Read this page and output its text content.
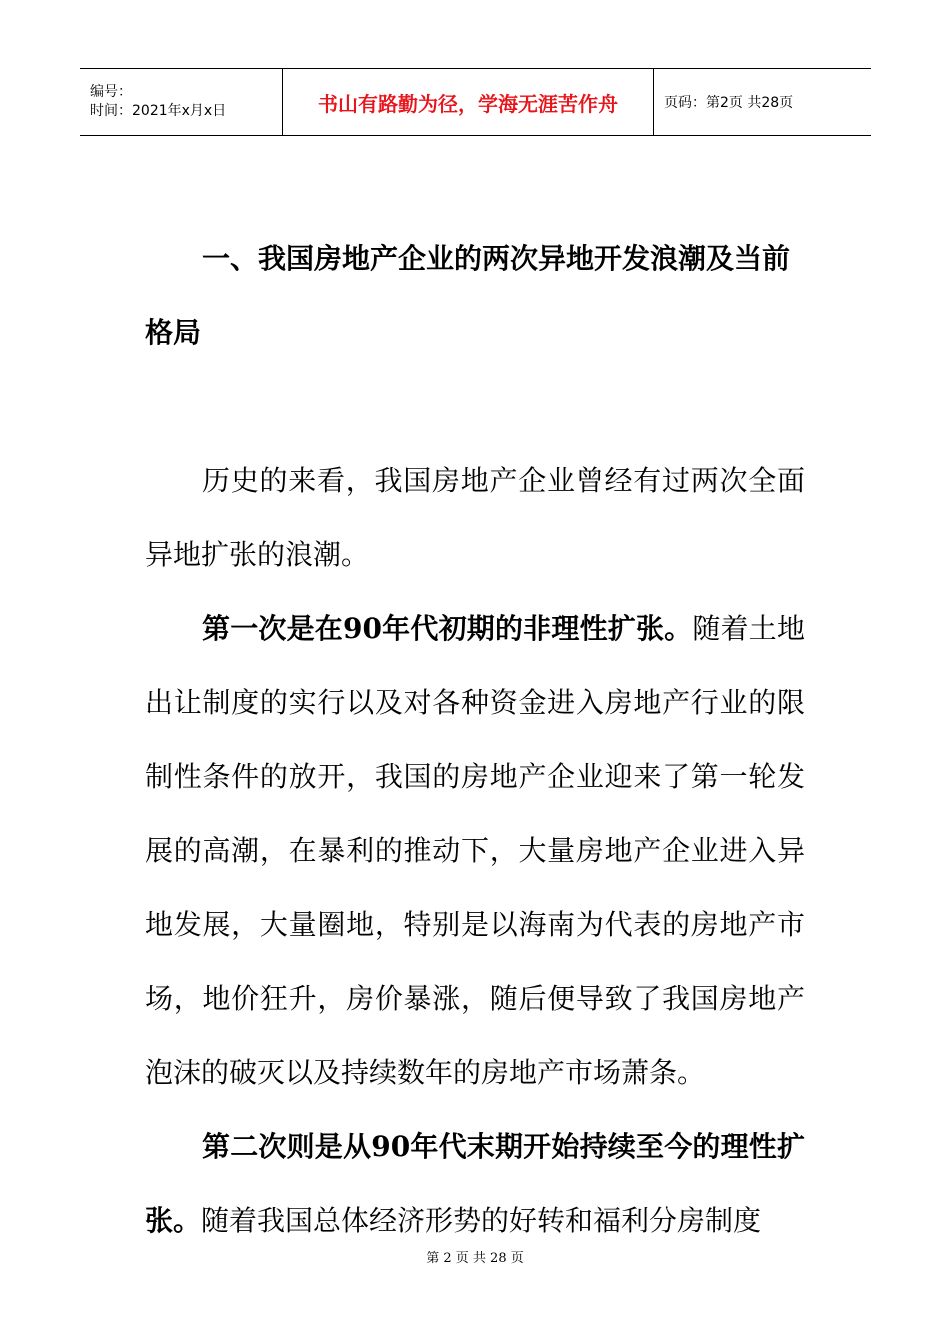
编号：
时间：2021年x月x日	书山有路勤为径，学海无涯苦作舟	页码：第2页 共28页

一、我国房地产企业的两次异地开发浪潮及当前格局

历史的来看，我国房地产企业曾经有过两次全面异地扩张的浪潮。

第一次是在90年代初期的非理性扩张。随着土地出让制度的实行以及对各种资金进入房地产行业的限制性条件的放开，我国的房地产企业迎来了第一轮发展的高潮，在暴利的推动下，大量房地产企业进入异地发展，大量圈地，特别是以海南为代表的房地产市场，地价狂升，房价暴涨，随后便导致了我国房地产泡沫的破灭以及持续数年的房地产市场萧条。

第二次则是从90年代末期开始持续至今的理性扩张。随着我国总体经济形势的好转和福利分房制度

第 2 页 共 28 页
